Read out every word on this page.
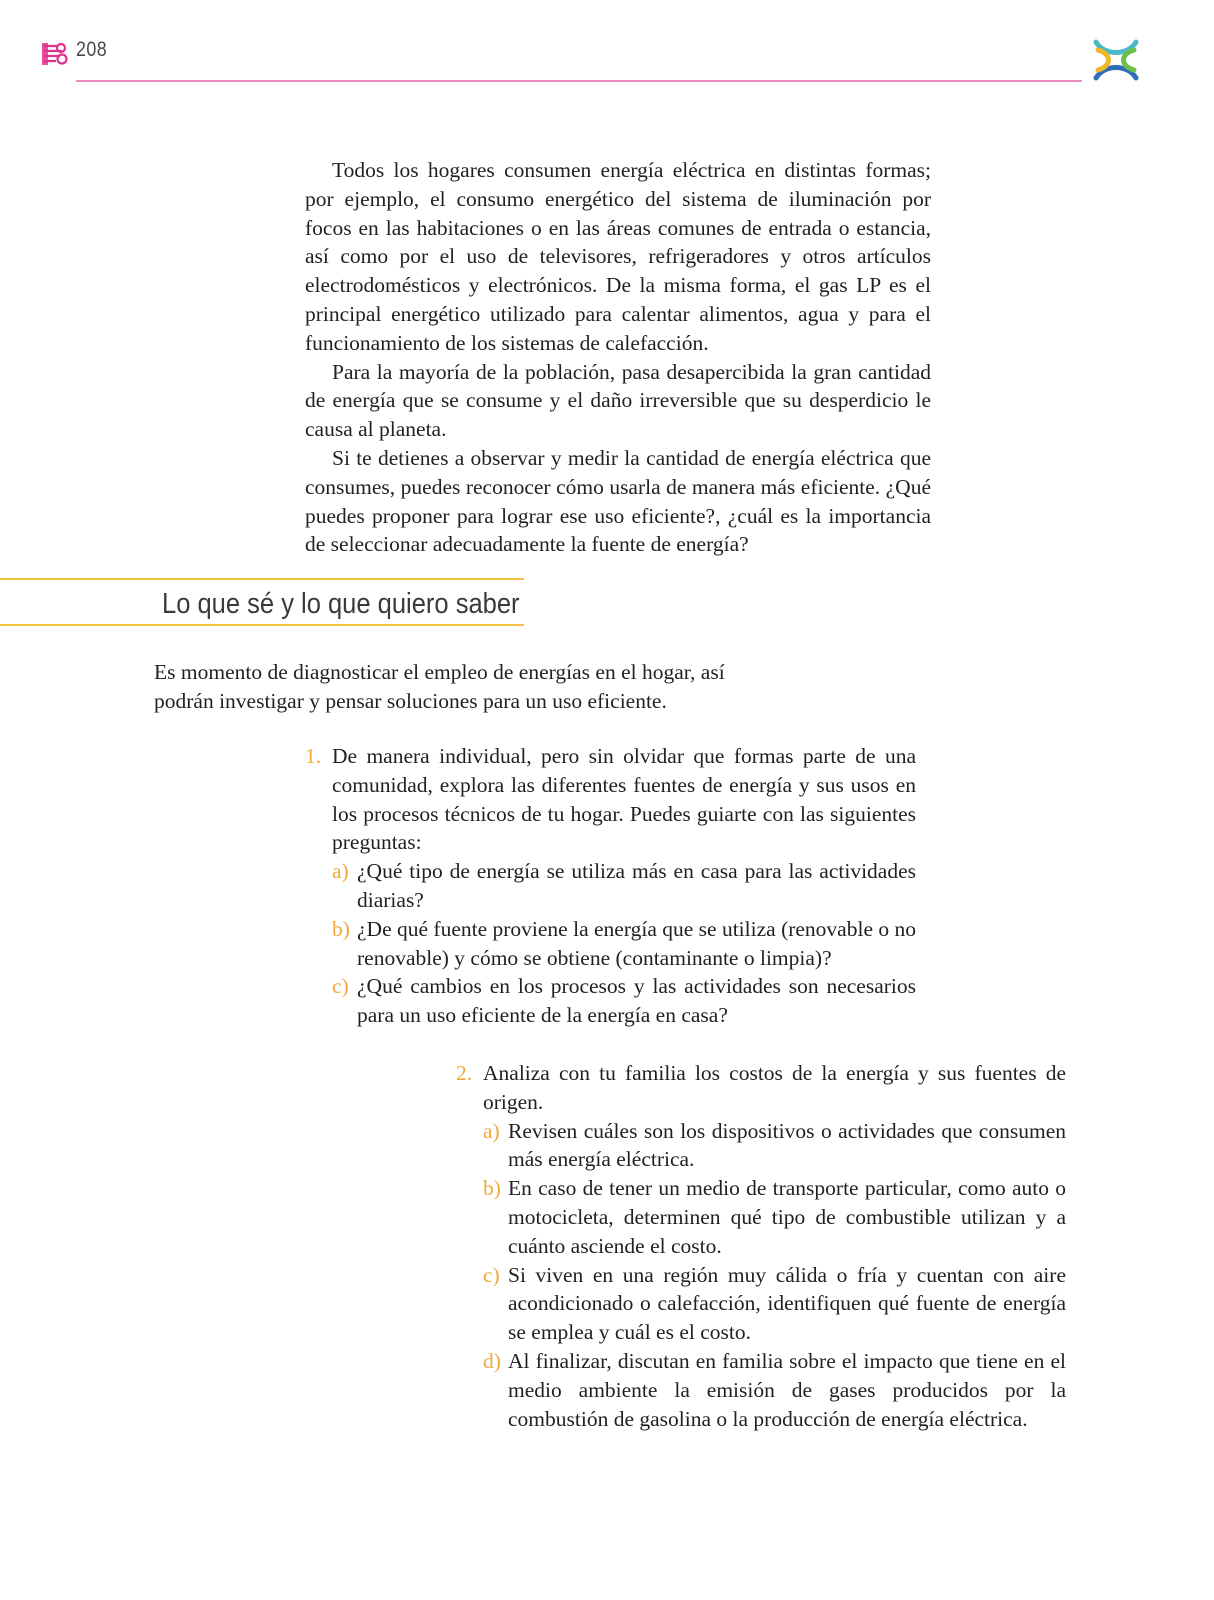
208

Todos los hogares consumen energía eléctrica en distintas formas; por ejemplo, el consumo energético del sistema de iluminación por focos en las habitaciones o en las áreas comunes de entrada o estancia, así como por el uso de televisores, refrigeradores y otros artículos electrodomésticos y electrónicos. De la misma forma, el gas LP es el principal energético utilizado para calentar alimentos, agua y para el funcionamiento de los sistemas de calefacción.

Para la mayoría de la población, pasa desapercibida la gran cantidad de energía que se consume y el daño irreversible que su desperdicio le causa al planeta.

Si te detienes a observar y medir la cantidad de energía eléctrica que consumes, puedes reconocer cómo usarla de manera más eficiente. ¿Qué puedes proponer para lograr ese uso eficiente?, ¿cuál es la importancia de seleccionar adecuadamente la fuente de energía?

Lo que sé y lo que quiero saber

Es momento de diagnosticar el empleo de energías en el hogar, así podrán investigar y pensar soluciones para un uso eficiente.

1. De manera individual, pero sin olvidar que formas parte de una comunidad, explora las diferentes fuentes de energía y sus usos en los procesos técnicos de tu hogar. Puedes guiarte con las siguientes preguntas:
a) ¿Qué tipo de energía se utiliza más en casa para las actividades diarias?
b) ¿De qué fuente proviene la energía que se utiliza (renovable o no renovable) y cómo se obtiene (contaminante o limpia)?
c) ¿Qué cambios en los procesos y las actividades son necesarios para un uso eficiente de la energía en casa?
2. Analiza con tu familia los costos de la energía y sus fuentes de origen.
a) Revisen cuáles son los dispositivos o actividades que consumen más energía eléctrica.
b) En caso de tener un medio de transporte particular, como auto o motocicleta, determinen qué tipo de combustible utilizan y a cuánto asciende el costo.
c) Si viven en una región muy cálida o fría y cuentan con aire acondicionado o calefacción, identifiquen qué fuente de energía se emplea y cuál es el costo.
d) Al finalizar, discutan en familia sobre el impacto que tiene en el medio ambiente la emisión de gases producidos por la combustión de gasolina o la producción de energía eléctrica.
